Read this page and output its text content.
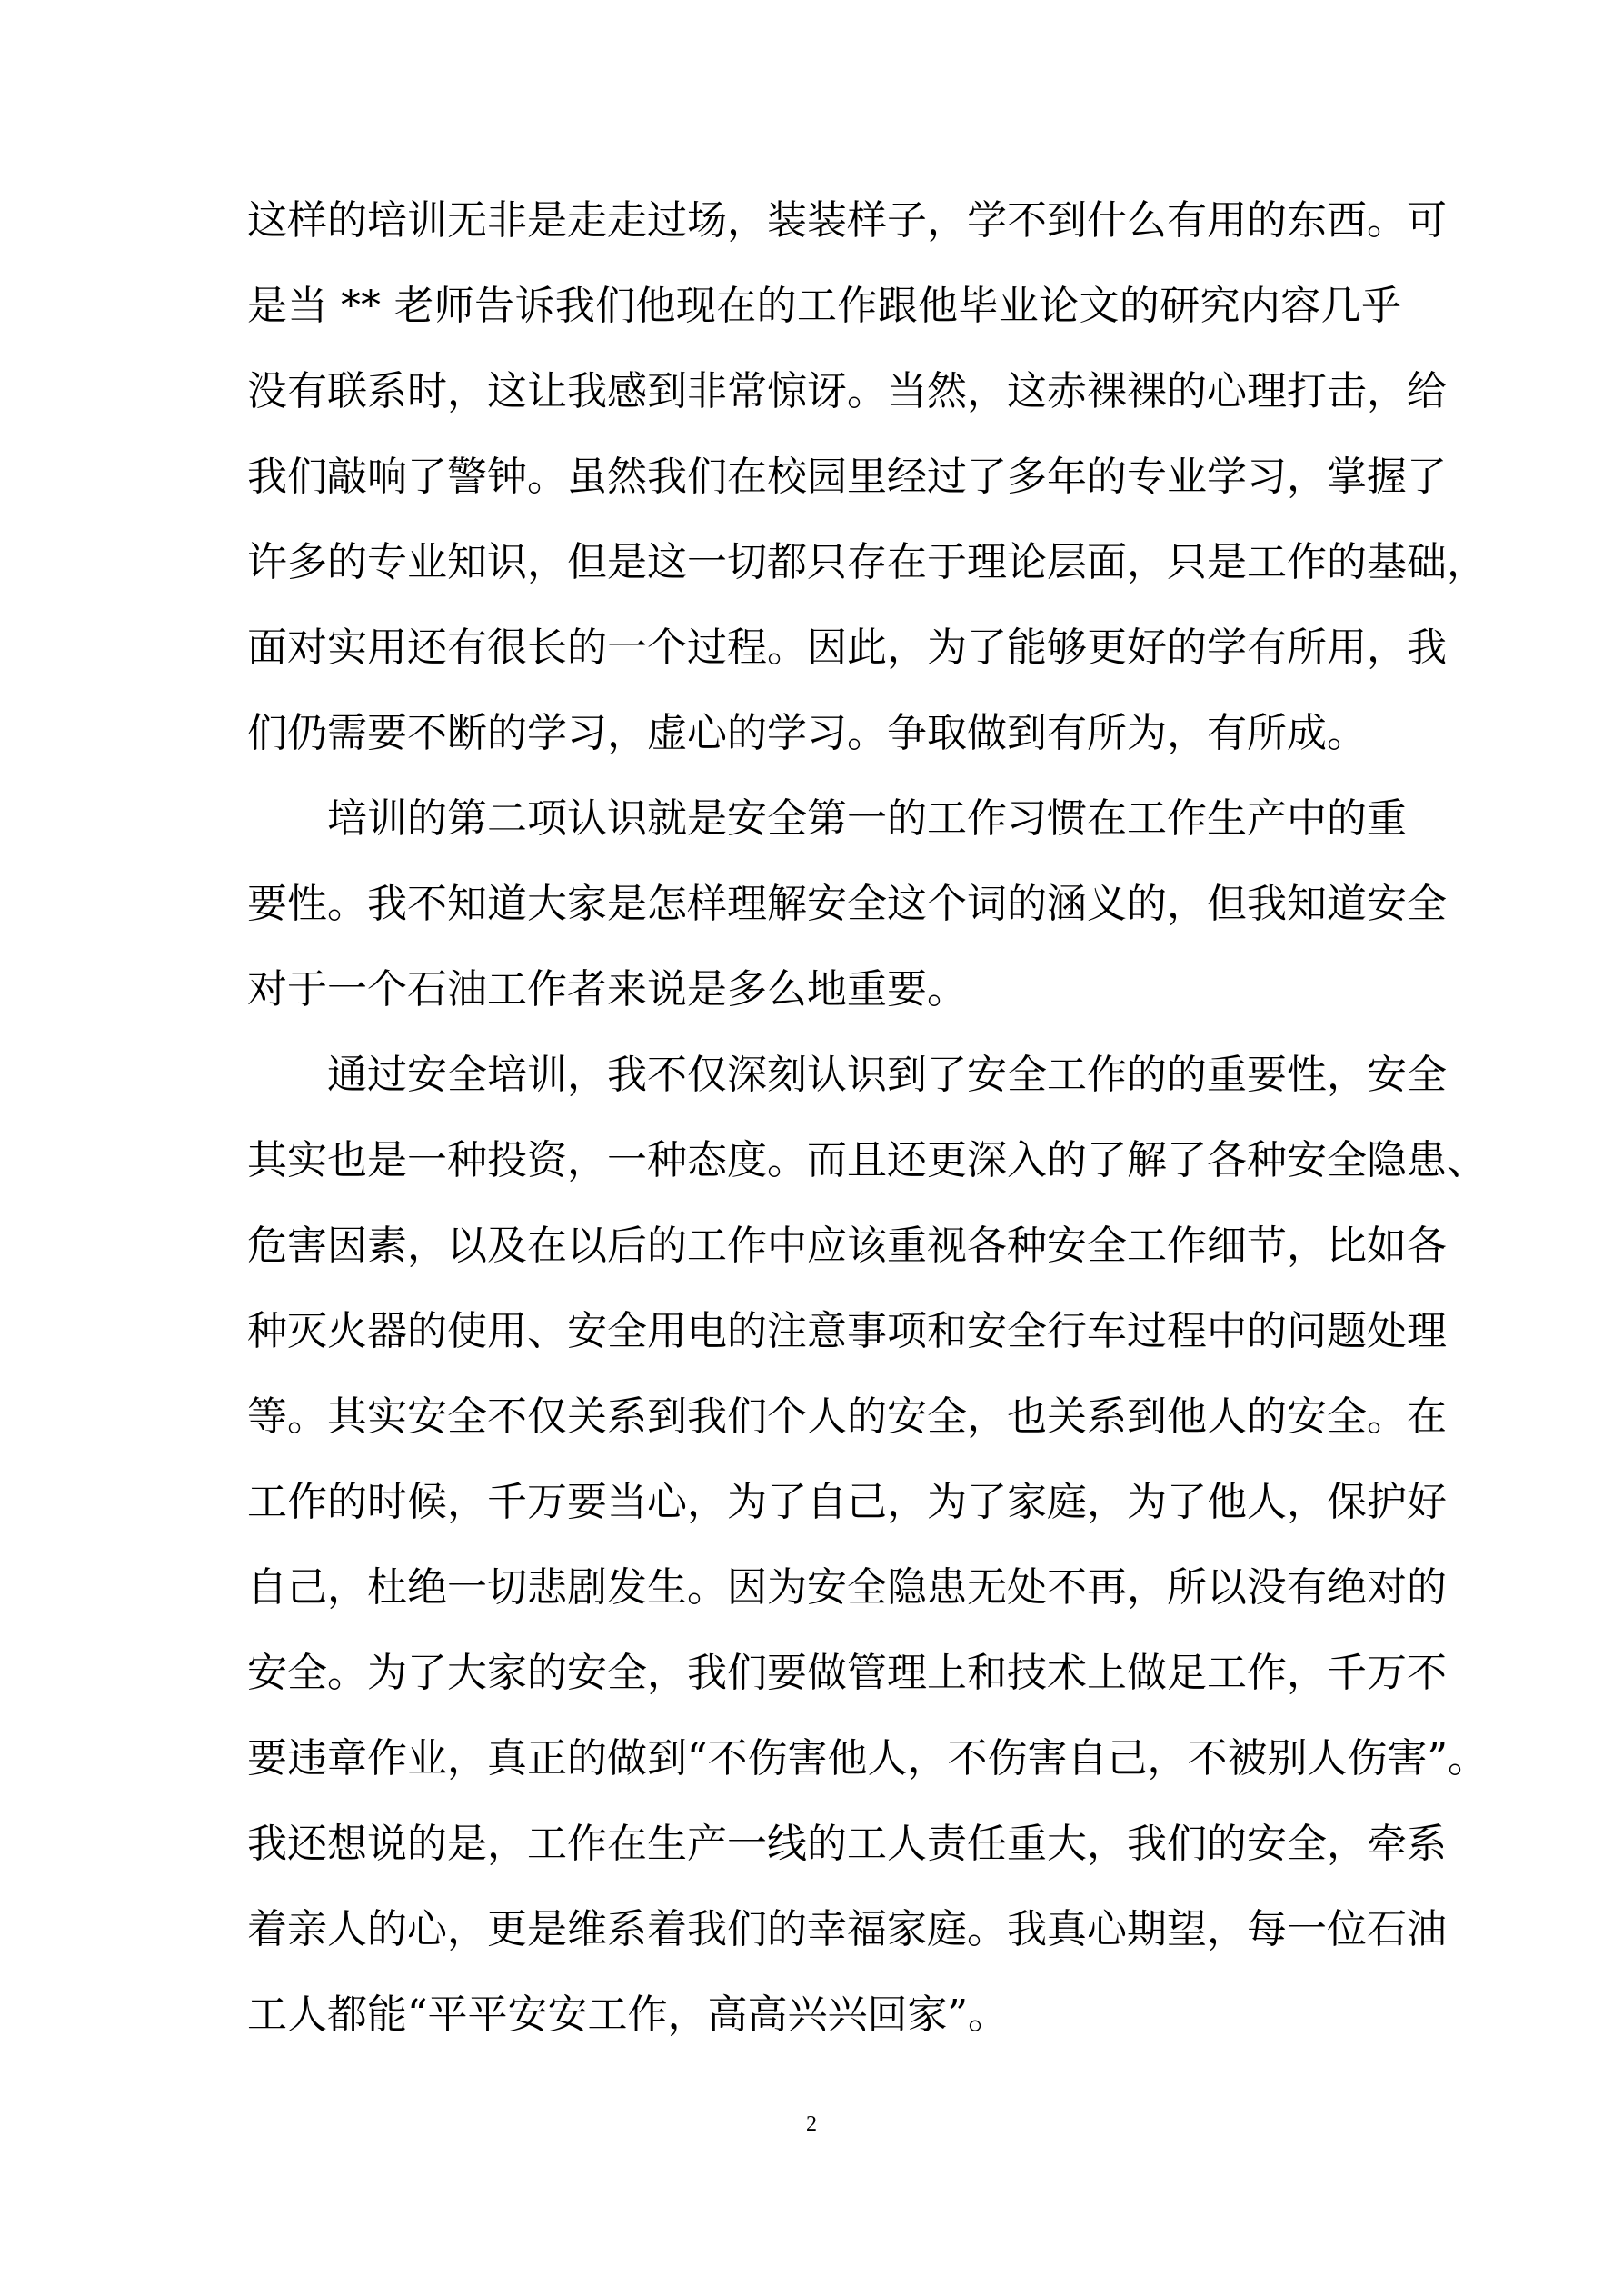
这样的培训无非是走走过场，装装样子，学不到什么有用的东西。可
是当 ** 老师告诉我们他现在的工作跟他毕业论文的研究内容几乎
没有联系时，这让我感到非常惊讶。当然，这赤裸裸的心理打击，给
我们敲响了警钟。虽然我们在校园里经过了多年的专业学习，掌握了
许多的专业知识，但是这一切都只存在于理论层面，只是工作的基础，
面对实用还有很长的一个过程。因此，为了能够更好的学有所用，我
们仍需要不断的学习，虚心的学习。争取做到有所为，有所成。
培训的第二项认识就是安全第一的工作习惯在工作生产中的重
要性。我不知道大家是怎样理解安全这个词的涵义的，但我知道安全
对于一个石油工作者来说是多么地重要。
通过安全培训，我不仅深刻认识到了安全工作的的重要性，安全
其实也是一种投资，一种态度。而且还更深入的了解了各种安全隐患、
危害因素，以及在以后的工作中应该重视各种安全工作细节，比如各
种灭火器的使用、安全用电的注意事项和安全行车过程中的问题处理
等。其实安全不仅关系到我们个人的安全，也关系到他人的安全。在
工作的时候，千万要当心，为了自己，为了家庭，为了他人，保护好
自己，杜绝一切悲剧发生。因为安全隐患无处不再，所以没有绝对的
安全。为了大家的安全，我们要做管理上和技术上做足工作，千万不
要违章作业，真正的做到“不伤害他人，不伤害自己，不被别人伤害”。
我还想说的是，工作在生产一线的工人责任重大，我们的安全，牵系
着亲人的心，更是维系着我们的幸福家庭。我真心期望，每一位石油
工人都能“平平安安工作，高高兴兴回家”。
2
